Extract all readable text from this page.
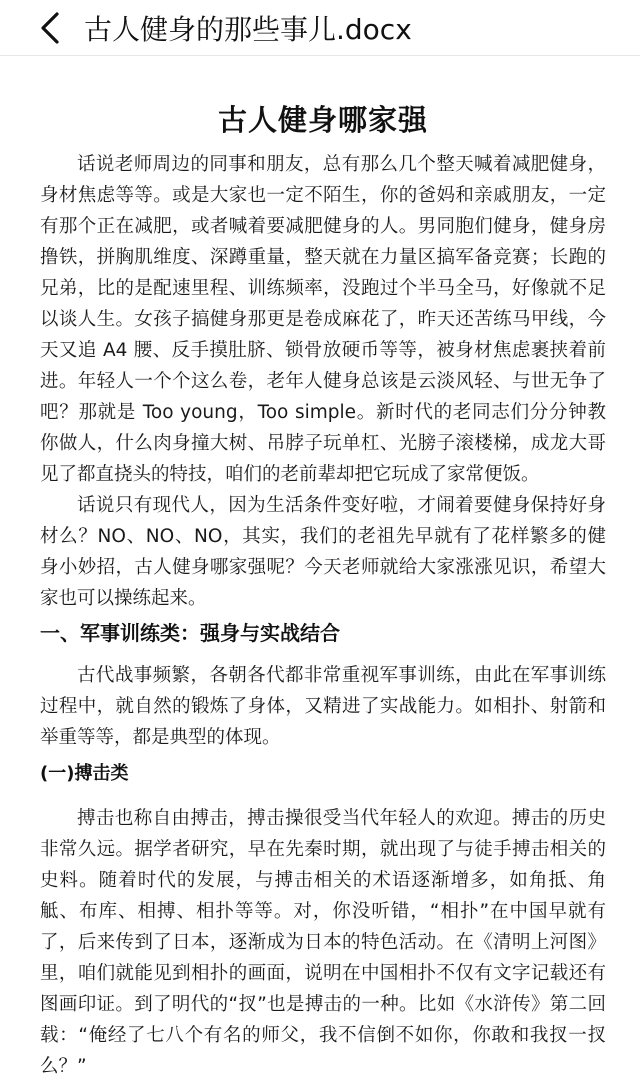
古人健身的那些事儿.docx
古人健身哪家强

话说老师周边的同事和朋友，总有那么几个整天喊着减肥健身，身材焦虑等等。或是大家也一定不陌生，你的爸妈和亲戚朋友，一定有那个正在减肥，或者喊着要减肥健身的人。男同胞们健身，健身房撸铁，拼胸肌维度、深蹲重量，整天就在力量区搞军备竞赛；长跑的兄弟，比的是配速里程、训练频率，没跑过个半马全马，好像就不足以谈人生。女孩子搞健身那更是卷成麻花了，昨天还苦练马甲线，今天又追 A4 腰、反手摸肚脐、锁骨放硬币等等，被身材焦虑裹挟着前进。年轻人一个个这么卷，老年人健身总该是云淡风轻、与世无争了吧？那就是 Too young，Too simple。新时代的老同志们分分钟教你做人，什么肉身撞大树、吊脖子玩单杠、光膀子滚楼梯，成龙大哥见了都直挠头的特技，咱们的老前辈却把它玩成了家常便饭。

话说只有现代人，因为生活条件变好啦，才闹着要健身保持好身材么？NO、NO、NO，其实，我们的老祖先早就有了花样繁多的健身小妙招，古人健身哪家强呢？今天老师就给大家涨涨见识，希望大家也可以操练起来。

一、军事训练类：强身与实战结合

古代战事频繁，各朝各代都非常重视军事训练，由此在军事训练过程中，就自然的锻炼了身体，又精进了实战能力。如相扑、射箭和举重等等，都是典型的体现。

(一)搏击类

搏击也称自由搏击，搏击操很受当代年轻人的欢迎。搏击的历史非常久远。据学者研究，早在先秦时期，就出现了与徒手搏击相关的史料。随着时代的发展，与搏击相关的术语逐渐增多，如角抵、角觝、布库、相搏、相扑等等。对，你没听错，“相扑”在中国早就有了，后来传到了日本，逐渐成为日本的特色活动。在《清明上河图》里，咱们就能见到相扑的画面，说明在中国相扑不仅有文字记载还有图画印证。到了明代的“扠”也是搏击的一种。比如《水浒传》第二回载：“俺经了七八个有名的师父，我不信倒不如你，你敢和我扠一扠么？”
